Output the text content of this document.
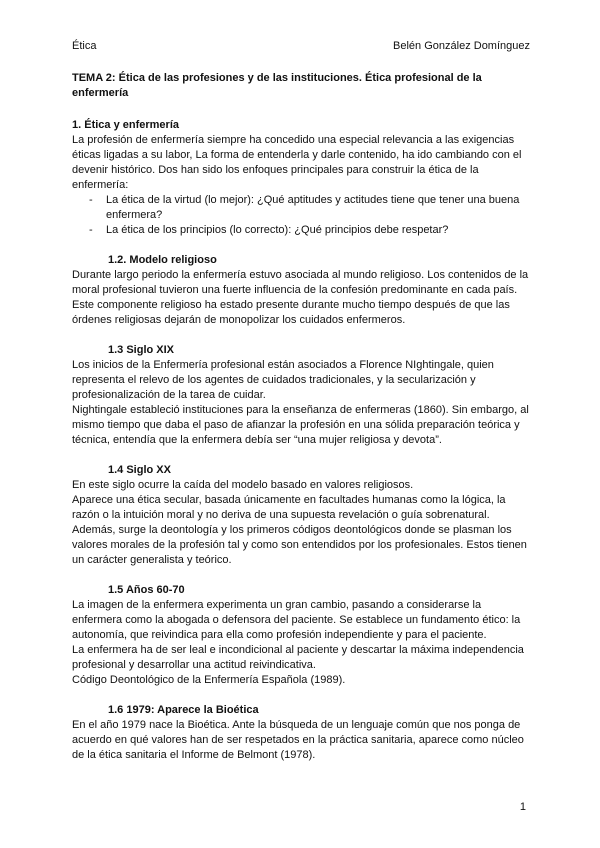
Ética	Belén González Domínguez

TEMA 2: Ética de las profesiones y de las instituciones. Ética profesional de la enfermería

1. Ética y enfermería

La profesión de enfermería siempre ha concedido una especial relevancia a las exigencias éticas ligadas a su labor, La forma de entenderla y darle contenido, ha ido cambiando con el devenir histórico. Dos han sido los enfoques principales para construir la ética de la enfermería:

- La ética de la virtud (lo mejor): ¿Qué aptitudes y actitudes tiene que tener una buena enfermera?
- La ética de los principios (lo correcto): ¿Qué principios debe respetar?

1.2. Modelo religioso

Durante largo periodo la enfermería estuvo asociada al mundo religioso. Los contenidos de la moral profesional tuvieron una fuerte influencia de la confesión predominante en cada país. Este componente religioso ha estado presente durante mucho tiempo después de que las órdenes religiosas dejarán de monopolizar los cuidados enfermeros.

1.3 Siglo XIX

Los inicios de la Enfermería profesional están asociados a Florence NIghtingale, quien representa el relevo de los agentes de cuidados tradicionales, y la secularización y profesionalización de la tarea de cuidar.

Nightingale estableció instituciones para la enseñanza de enfermeras (1860). Sin embargo, al mismo tiempo que daba el paso de afianzar la profesión en una sólida preparación teórica y técnica, entendía que la enfermera debía ser “una mujer religiosa y devota”.

1.4 Siglo XX

En este siglo ocurre la caída del modelo basado en valores religiosos.

Aparece una ética secular, basada únicamente en facultades humanas como la lógica, la razón o la intuición moral y no deriva de una supuesta revelación o guía sobrenatural.

Además, surge la deontología y los primeros códigos deontológicos donde se plasman los valores morales de la profesión tal y como son entendidos por los profesionales. Estos tienen un carácter generalista y teórico.

1.5 Años 60-70

La imagen de la enfermera experimenta un gran cambio, pasando a considerarse la enfermera como la abogada o defensora del paciente. Se establece un fundamento ético: la autonomía, que reivindica para ella como profesión independiente y para el paciente.

La enfermera ha de ser leal e incondicional al paciente y descartar la máxima independencia profesional y desarrollar una actitud reivindicativa.

Código Deontológico de la Enfermería Española (1989).

1.6 1979: Aparece la Bioética

En el año 1979 nace la Bioética. Ante la búsqueda de un lenguaje común que nos ponga de acuerdo en qué valores han de ser respetados en la práctica sanitaria, aparece como núcleo de la ética sanitaria el Informe de Belmont (1978).

1
